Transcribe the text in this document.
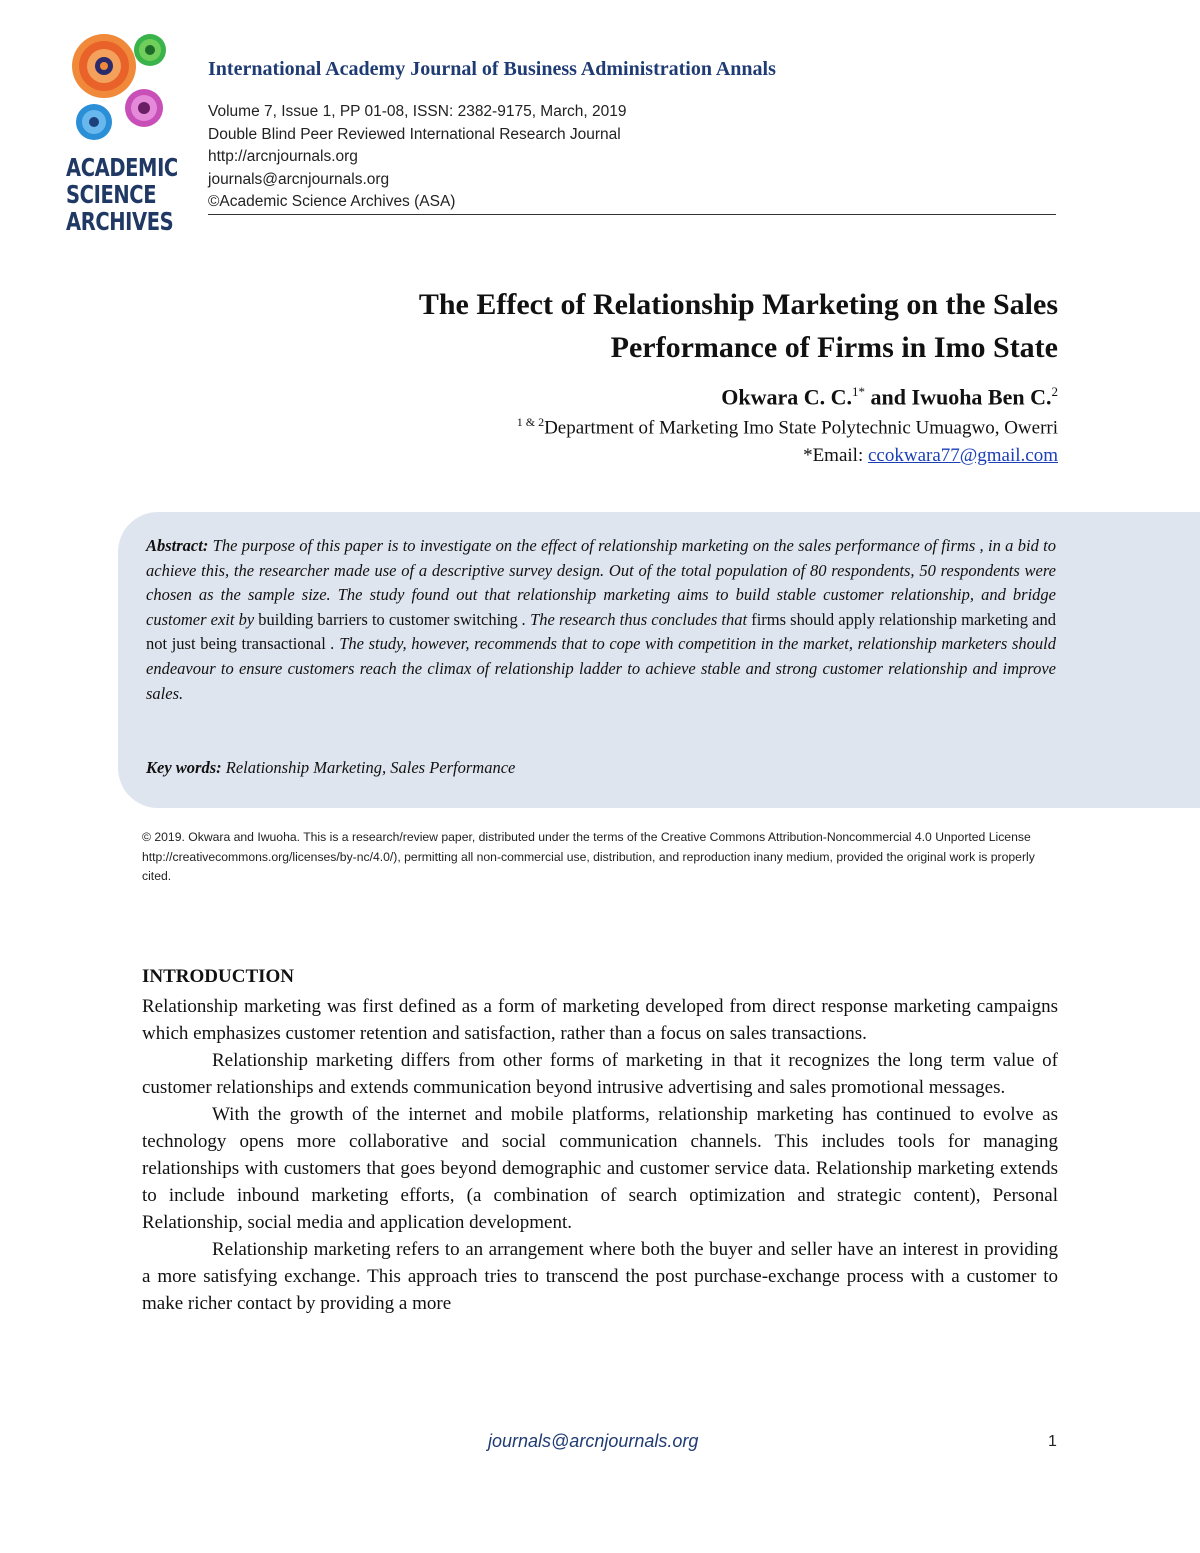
ACADEMIC
SCIENCE
ARCHIVES
International Academy Journal of Business Administration Annals
Volume 7, Issue 1, PP 01-08, ISSN: 2382-9175, March, 2019
Double Blind Peer Reviewed International Research Journal
http://arcnjournals.org
journals@arcnjournals.org
©Academic Science Archives (ASA)
The Effect of Relationship Marketing on the Sales
Performance of Firms in Imo State
Okwara C. C.$^{1*}$ and Iwuoha Ben C.$^2$
$^{1 \& 2}$Department of Marketing Imo State Polytechnic Umuagwo, Owerri
*Email: ccokwara77@gmail.com
Abstract: The purpose of this paper is to investigate on the effect of relationship marketing on the sales performance of firms , in a bid to achieve this, the researcher made use of a descriptive survey design. Out of the total population of 80 respondents, 50 respondents were chosen as the sample size. The study found out that relationship marketing aims to build stable customer relationship, and bridge customer exit by building barriers to customer switching . The research thus concludes that firms should apply relationship marketing and not just being transactional . The study, however, recommends that to cope with competition in the market, relationship marketers should endeavour to ensure customers reach the climax of relationship ladder to achieve stable and strong customer relationship and improve sales.
Key words: Relationship Marketing, Sales Performance
© 2019. Okwara and Iwuoha. This is a research/review paper, distributed under the terms of the Creative Commons Attribution-Noncommercial 4.0 Unported License http://creativecommons.org/licenses/by-nc/4.0/), permitting all non-commercial use, distribution, and reproduction inany medium, provided the original work is properly cited.
INTRODUCTION

Relationship marketing was first defined as a form of marketing developed from direct response marketing campaigns which emphasizes customer retention and satisfaction, rather than a focus on sales transactions.

Relationship marketing differs from other forms of marketing in that it recognizes the long term value of customer relationships and extends communication beyond intrusive advertising and sales promotional messages.

With the growth of the internet and mobile platforms, relationship marketing has continued to evolve as technology opens more collaborative and social communication channels. This includes tools for managing relationships with customers that goes beyond demographic and customer service data. Relationship marketing extends to include inbound marketing efforts, (a combination of search optimization and strategic content), Personal Relationship, social media and application development.

Relationship marketing refers to an arrangement where both the buyer and seller have an interest in providing a more satisfying exchange. This approach tries to transcend the post purchase-exchange process with a customer to make richer contact by providing a more

journals@arcnjournals.org	1
